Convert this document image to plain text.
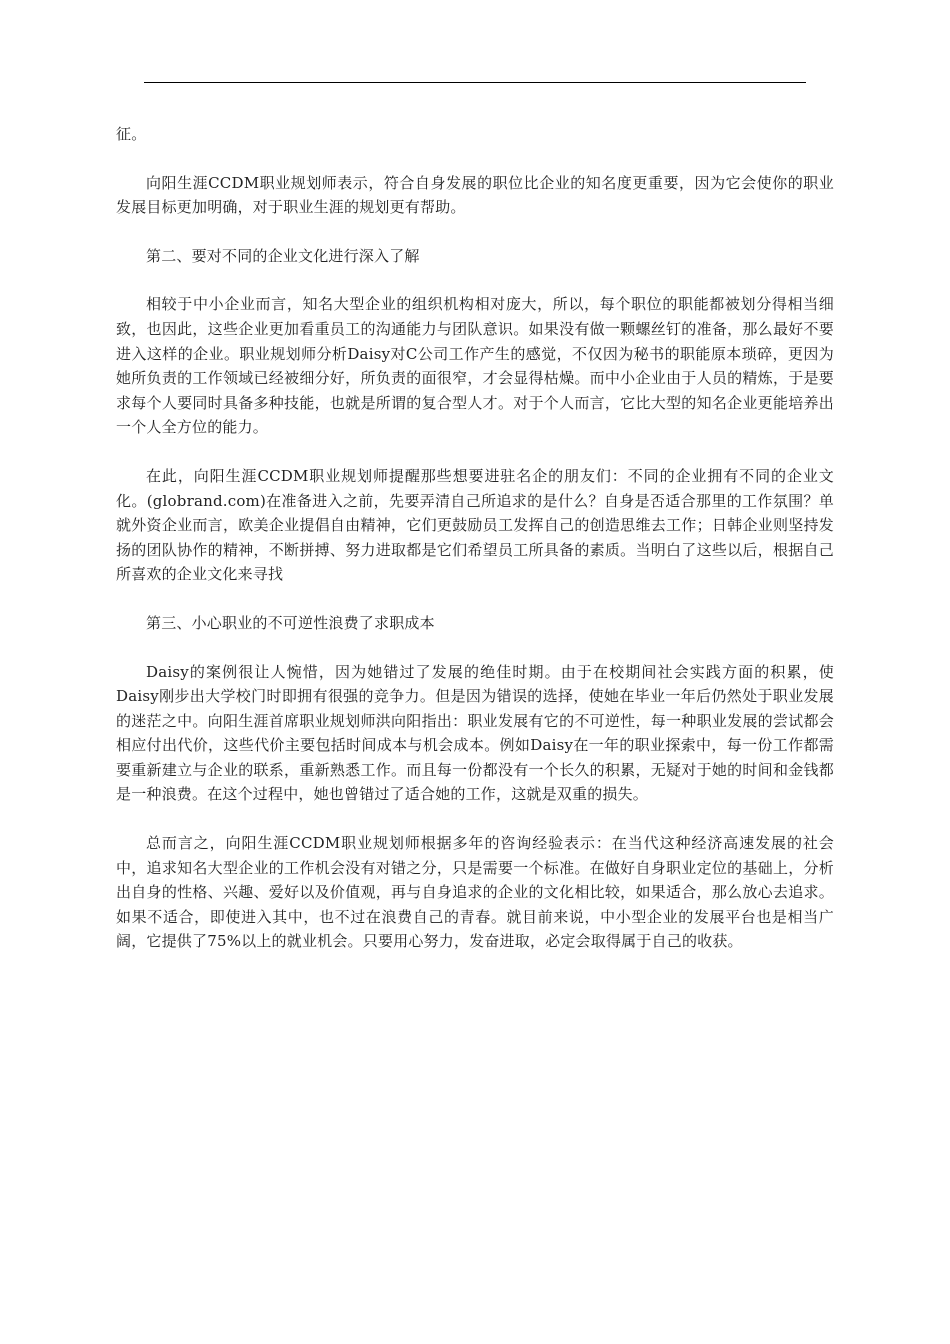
征。

向阳生涯CCDM职业规划师表示，符合自身发展的职位比企业的知名度更重要，因为它会使你的职业发展目标更加明确，对于职业生涯的规划更有帮助。

第二、要对不同的企业文化进行深入了解

相较于中小企业而言，知名大型企业的组织机构相对庞大，所以，每个职位的职能都被划分得相当细致，也因此，这些企业更加看重员工的沟通能力与团队意识。如果没有做一颗螺丝钉的准备，那么最好不要进入这样的企业。职业规划师分析Daisy对C公司工作产生的感觉，不仅因为秘书的职能原本琐碎，更因为她所负责的工作领域已经被细分好，所负责的面很窄，才会显得枯燥。而中小企业由于人员的精炼，于是要求每个人要同时具备多种技能，也就是所谓的复合型人才。对于个人而言，它比大型的知名企业更能培养出一个人全方位的能力。

在此，向阳生涯CCDM职业规划师提醒那些想要进驻名企的朋友们：不同的企业拥有不同的企业文化。(globrand.com)在准备进入之前，先要弄清自己所追求的是什么？自身是否适合那里的工作氛围？单就外资企业而言，欧美企业提倡自由精神，它们更鼓励员工发挥自己的创造思维去工作；日韩企业则坚持发扬的团队协作的精神，不断拼搏、努力进取都是它们希望员工所具备的素质。当明白了这些以后，根据自己所喜欢的企业文化来寻找

第三、小心职业的不可逆性浪费了求职成本

Daisy的案例很让人惋惜，因为她错过了发展的绝佳时期。由于在校期间社会实践方面的积累，使Daisy刚步出大学校门时即拥有很强的竞争力。但是因为错误的选择，使她在毕业一年后仍然处于职业发展的迷茫之中。向阳生涯首席职业规划师洪向阳指出：职业发展有它的不可逆性，每一种职业发展的尝试都会相应付出代价，这些代价主要包括时间成本与机会成本。例如Daisy在一年的职业探索中，每一份工作都需要重新建立与企业的联系，重新熟悉工作。而且每一份都没有一个长久的积累，无疑对于她的时间和金钱都是一种浪费。在这个过程中，她也曾错过了适合她的工作，这就是双重的损失。

总而言之，向阳生涯CCDM职业规划师根据多年的咨询经验表示：在当代这种经济高速发展的社会中，追求知名大型企业的工作机会没有对错之分，只是需要一个标准。在做好自身职业定位的基础上，分析出自身的性格、兴趣、爱好以及价值观，再与自身追求的企业的文化相比较，如果适合，那么放心去追求。如果不适合，即使进入其中，也不过在浪费自己的青春。就目前来说，中小型企业的发展平台也是相当广阔，它提供了75%以上的就业机会。只要用心努力，发奋进取，必定会取得属于自己的收获。
